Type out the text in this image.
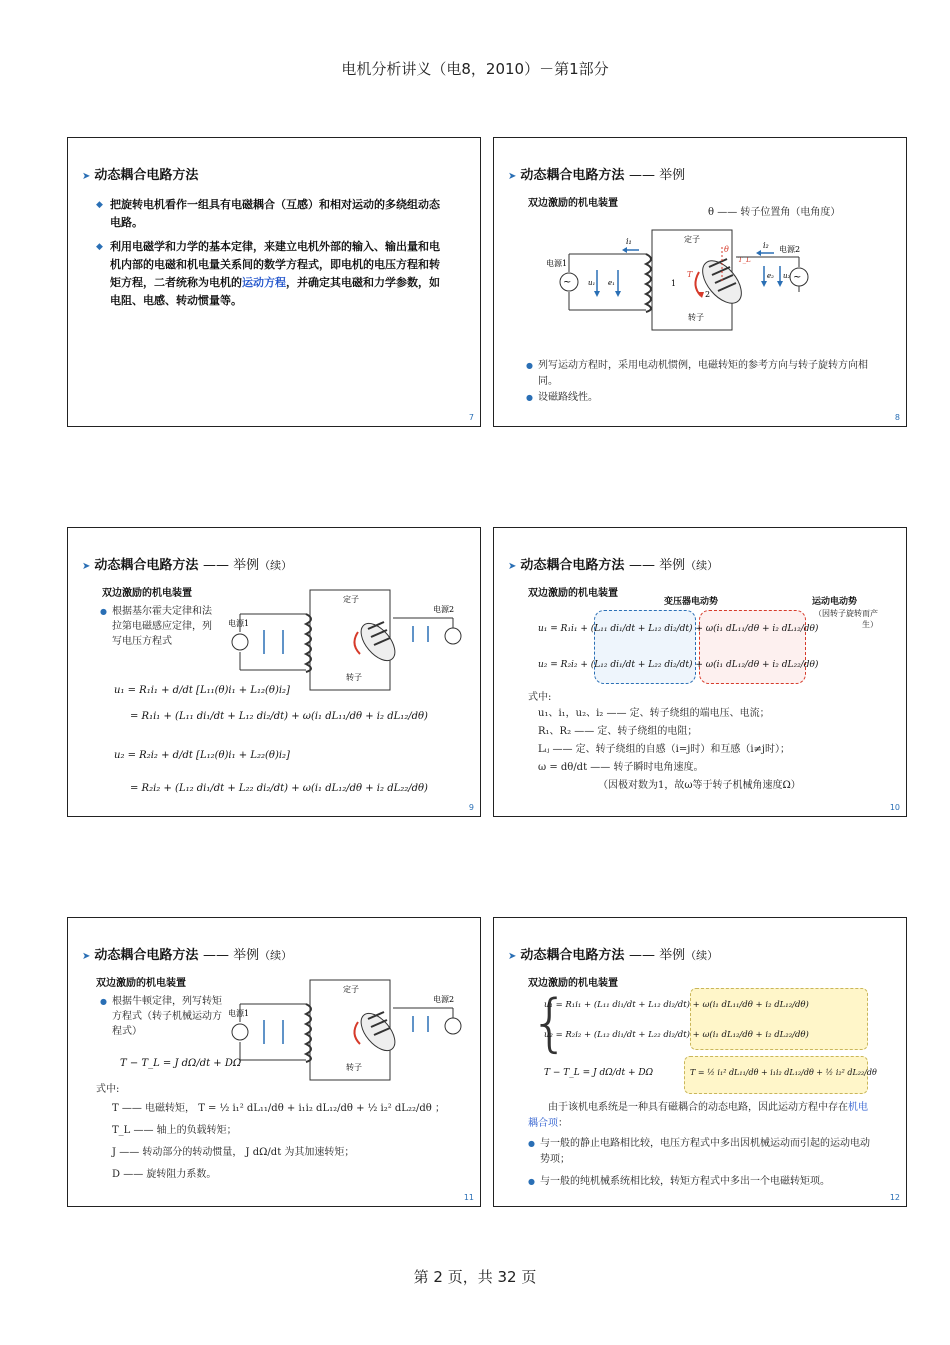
电机分析讲义（电8，2010）－第1部分
➤ 动态耦合电路方法
◆ 把旋转电机看作一组具有电磁耦合（互感）和相对运动的多绕组动态电路。
◆ 利用电磁学和力学的基本定律，来建立电机外部的输入、输出量和电机内部的电磁和机电量关系间的数学方程式，即电机的电压方程和转矩方程，二者统称为电机的运动方程，并确定其电磁和力学参数，如电阻、电感、转动惯量等。
7
➤ 动态耦合电路方法 —— 举例
双边激励的机电装置
θ —— 转子位置角（电角度）
定子
转子
~
电源1
i₁
u₁ e₁	1
2
θ
T
T_L
~
电源2
i₂
e₂ u₂
● 列写运动方程时，采用电动机惯例，电磁转矩的参考方向与转子旋转方向相同。
● 设磁路线性。
8
➤ 动态耦合电路方法 —— 举例（续）
双边激励的机电装置
● 根据基尔霍夫定律和法拉第电磁感应定律，列写电压方程式
定子
转子
电源1
电源2
u₁ = R₁i₁ + d/dt [L₁₁(θ)i₁ + L₁₂(θ)i₂]
= R₁i₁ + (L₁₁ di₁/dt + L₁₂ di₂/dt) + ω(i₁ dL₁₁/dθ + i₂ dL₁₂/dθ)
u₂ = R₂i₂ + d/dt [L₁₂(θ)i₁ + L₂₂(θ)i₂]
= R₂i₂ + (L₁₂ di₁/dt + L₂₂ di₂/dt) + ω(i₁ dL₁₂/dθ + i₂ dL₂₂/dθ)
9
➤ 动态耦合电路方法 —— 举例（续）
双边激励的机电装置
变压器电动势	运动电动势
（因转子旋转而产生）
u₁ = R₁i₁ + (L₁₁ di₁/dt + L₁₂ di₂/dt) + ω(i₁ dL₁₁/dθ + i₂ dL₁₂/dθ)
u₂ = R₂i₂ + (L₁₂ di₁/dt + L₂₂ di₂/dt) + ω(i₁ dL₁₂/dθ + i₂ dL₂₂/dθ)
式中:
u₁、i₁，u₂、i₂ —— 定、转子绕组的端电压、电流；
R₁、R₂ —— 定、转子绕组的电阻；
Lᵢⱼ —— 定、转子绕组的自感（i=j时）和互感（i≠j时）；
ω = dθ/dt —— 转子瞬时电角速度。
（因极对数为1，故ω等于转子机械角速度Ω）
10
➤ 动态耦合电路方法 —— 举例（续）
双边激励的机电装置
● 根据牛顿定律，列写转矩方程式（转子机械运动方程式）
定子
转子
电源1
电源2
T − T_L = J dΩ/dt + DΩ
式中:
T —— 电磁转矩， T = ½ i₁² dL₁₁/dθ + i₁i₂ dL₁₂/dθ + ½ i₂² dL₂₂/dθ ；
T_L —— 轴上的负载转矩；
J —— 转动部分的转动惯量， J dΩ/dt 为其加速转矩；
D —— 旋转阻力系数。
11
➤ 动态耦合电路方法 —— 举例（续）
双边激励的机电装置
{
u₁ = R₁i₁ + (L₁₁ di₁/dt + L₁₂ di₂/dt) + ω(i₁ dL₁₁/dθ + i₂ dL₁₂/dθ)
u₂ = R₂i₂ + (L₁₂ di₁/dt + L₂₂ di₂/dt) + ω(i₁ dL₁₂/dθ + i₂ dL₂₂/dθ)
T − T_L = J dΩ/dt + DΩ	T = ½ i₁² dL₁₁/dθ + i₁i₂ dL₁₂/dθ + ½ i₂² dL₂₂/dθ
由于该机电系统是一种具有磁耦合的动态电路，因此运动方程中存在机电耦合项：
● 与一般的静止电路相比较，电压方程式中多出因机械运动而引起的运动电动势项；
● 与一般的纯机械系统相比较，转矩方程式中多出一个电磁转矩项。
12
第 2 页，共 32 页
